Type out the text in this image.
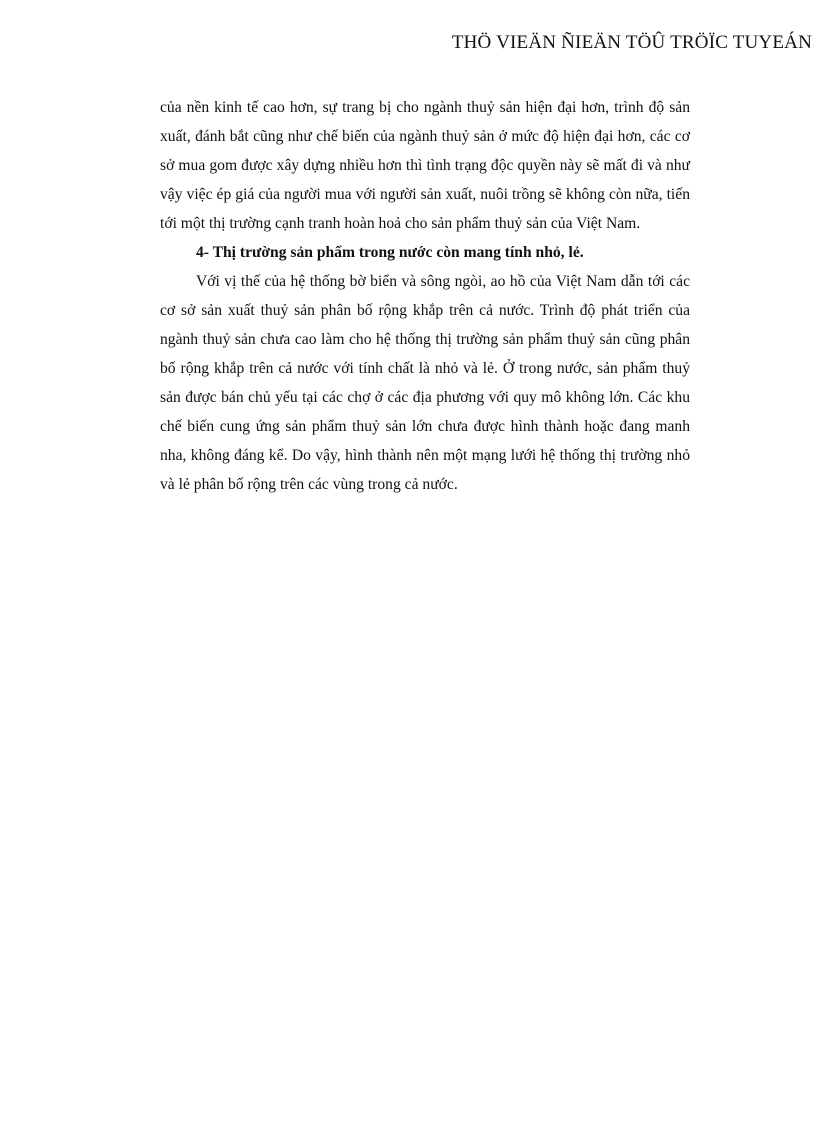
THÖ VIEÄN ÑIEÄN TÖÛ TRÖÏC TUYEÁN

của nền kinh tế cao hơn, sự trang bị cho ngành thuỷ sản hiện đại hơn, trình độ sản xuất, đánh bắt cũng như chế biến của ngành thuỷ sản ở mức độ hiện đại hơn, các cơ sở mua gom được xây dựng nhiều hơn thì tình trạng độc quyền này sẽ mất đi và như vậy việc ép giá của người mua với người sản xuất, nuôi trồng sẽ không còn nữa, tiến tới một thị trường cạnh tranh hoàn hoả cho sản phẩm thuỷ sản của Việt Nam.

4- Thị trường sản phẩm trong nước còn mang tính nhỏ, lẻ.

Với vị thế của hệ thống bờ biển và sông ngòi, ao hồ của Việt Nam dẫn tới các cơ sở sản xuất thuỷ sản phân bố rộng khắp trên cả nước. Trình độ phát triển của ngành thuỷ sản chưa cao làm cho hệ thống thị trường sản phẩm thuỷ sản cũng phân bố rộng khắp trên cả nước với tính chất là nhỏ và lẻ. Ở trong nước, sản phẩm thuỷ sản được bán chủ yếu tại các chợ ở các địa phương với quy mô không lớn. Các khu chế biến cung ứng sản phẩm thuỷ sản lớn chưa được hình thành hoặc đang manh nha, không đáng kể. Do vậy, hình thành nên một mạng lưới hệ thống thị trường nhỏ và lẻ phân bố rộng trên các vùng trong cả nước.
